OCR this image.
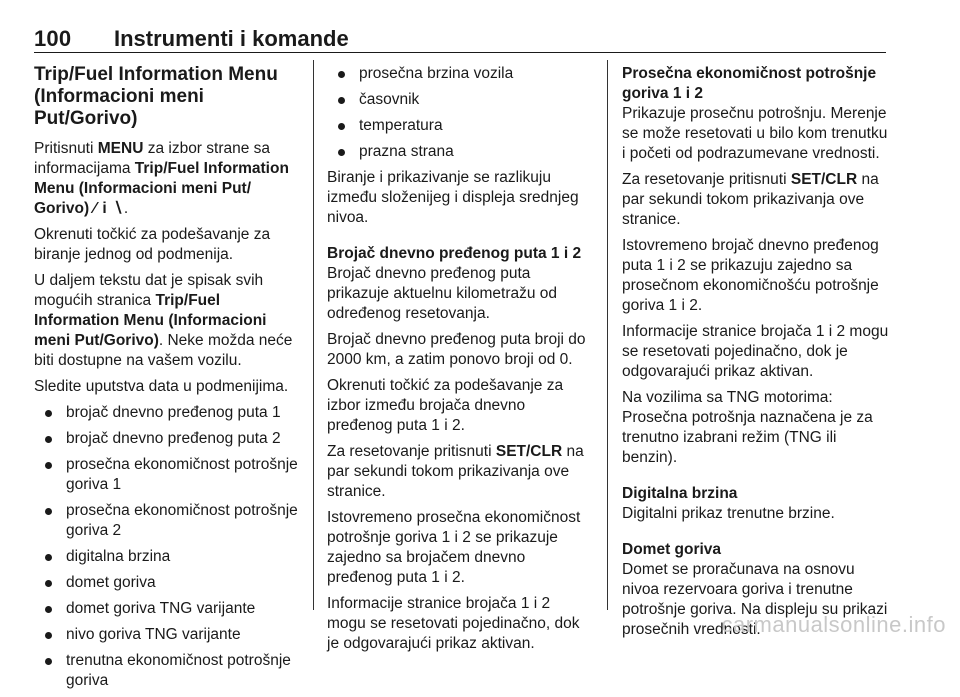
100 Instrumenti i komande
Trip/Fuel Information Menu (Informacioni meni Put/Gorivo)

Pritisnuti MENU za izbor strane sa informacijama Trip/Fuel Information Menu (Informacioni meni Put/ Gorivo) ⁄ i ∖.

Okrenuti točkić za podešavanje za biranje jednog od podmenija.

U daljem tekstu dat je spisak svih mogućih stranica Trip/Fuel Information Menu (Informacioni meni Put/Gorivo). Neke možda neće biti dostupne na vašem vozilu.

Sledite uputstva data u podmenijima.

brojač dnevno pređenog puta 1
brojač dnevno pređenog puta 2
prosečna ekonomičnost potrošnje goriva 1
prosečna ekonomičnost potrošnje goriva 2
digitalna brzina
domet goriva
domet goriva TNG varijante
nivo goriva TNG varijante
trenutna ekonomičnost potrošnje goriva
prosečna brzina vozila
časovnik
temperatura
prazna strana

Biranje i prikazivanje se razlikuju između složenijeg i displeja srednjeg nivoa.

Brojač dnevno pređenog puta 1 i 2

Brojač dnevno pređenog puta prikazuje aktuelnu kilometražu od određenog resetovanja.

Brojač dnevno pređenog puta broji do 2000 km, a zatim ponovo broji od 0.

Okrenuti točkić za podešavanje za izbor između brojača dnevno pređenog puta 1 i 2.

Za resetovanje pritisnuti SET/CLR na par sekundi tokom prikazivanja ove stranice.

Istovremeno prosečna ekonomičnost potrošnje goriva 1 i 2 se prikazuje zajedno sa brojačem dnevno pređenog puta 1 i 2.

Informacije stranice brojača 1 i 2 mogu se resetovati pojedinačno, dok je odgovarajući prikaz aktivan.

Prosečna ekonomičnost potrošnje goriva 1 i 2

Prikazuje prosečnu potrošnju. Merenje se može resetovati u bilo kom trenutku i početi od podrazumevane vrednosti.

Za resetovanje pritisnuti SET/CLR na par sekundi tokom prikazivanja ove stranice.

Istovremeno brojač dnevno pređenog puta 1 i 2 se prikazuju zajedno sa prosečnom ekonomičnošću potrošnje goriva 1 i 2.

Informacije stranice brojača 1 i 2 mogu se resetovati pojedinačno, dok je odgovarajući prikaz aktivan.

Na vozilima sa TNG motorima: Prosečna potrošnja naznačena je za trenutno izabrani režim (TNG ili benzin).

Digitalna brzina

Digitalni prikaz trenutne brzine.

Domet goriva

Domet se proračunava na osnovu nivoa rezervoara goriva i trenutne potrošnje goriva. Na displeju su prikazi prosečnih vrednosti.

carmanualsonline.info
